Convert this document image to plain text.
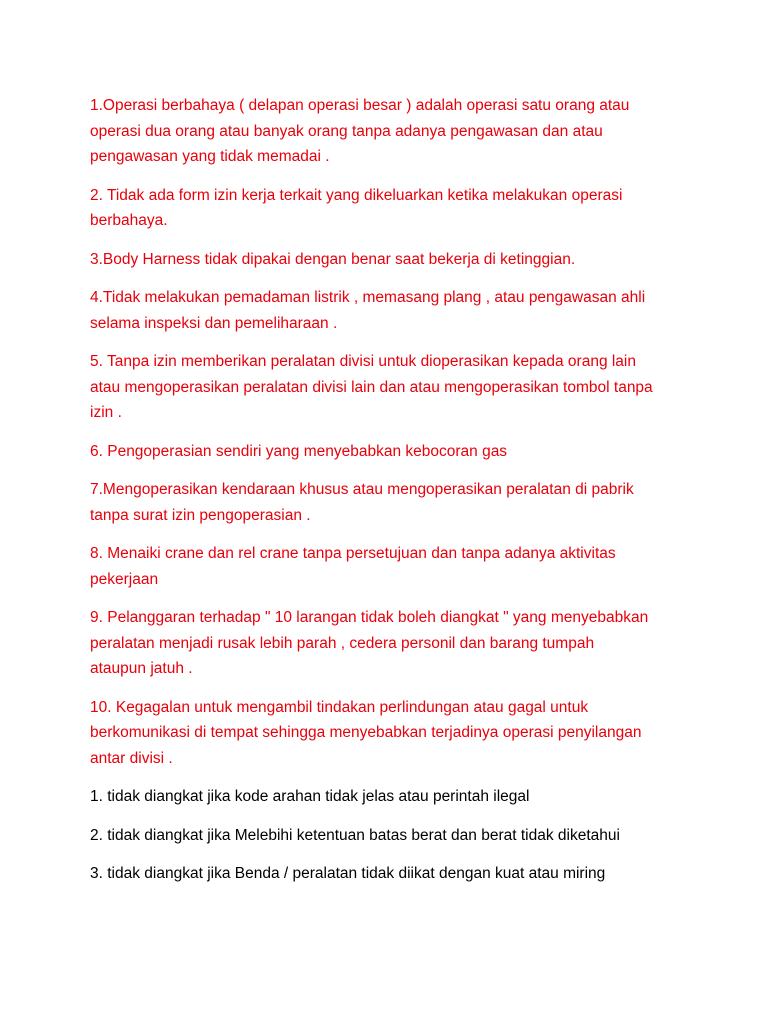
1.Operasi berbahaya ( delapan operasi besar ) adalah operasi satu orang atau
operasi dua orang atau banyak orang tanpa adanya pengawasan dan atau
pengawasan yang tidak memadai .

2. Tidak ada form izin kerja terkait yang dikeluarkan ketika melakukan operasi
berbahaya.

3.Body Harness tidak dipakai dengan benar saat bekerja di ketinggian.

4.Tidak melakukan pemadaman listrik , memasang plang , atau pengawasan ahli
selama inspeksi dan pemeliharaan .

5. Tanpa izin memberikan peralatan divisi untuk dioperasikan kepada orang lain
atau mengoperasikan peralatan divisi lain dan atau mengoperasikan tombol tanpa
izin .

6. Pengoperasian sendiri yang menyebabkan kebocoran gas

7.Mengoperasikan kendaraan khusus atau mengoperasikan peralatan di pabrik
tanpa surat izin pengoperasian .

8. Menaiki crane dan rel crane tanpa persetujuan dan tanpa adanya aktivitas
pekerjaan

9. Pelanggaran terhadap " 10 larangan tidak boleh diangkat " yang menyebabkan
peralatan menjadi rusak lebih parah , cedera personil dan barang tumpah
ataupun jatuh .

10. Kegagalan untuk mengambil tindakan perlindungan atau gagal untuk
berkomunikasi di tempat sehingga menyebabkan terjadinya operasi penyilangan
antar divisi .

1. tidak diangkat jika kode arahan tidak jelas atau perintah ilegal

2. tidak diangkat jika Melebihi ketentuan batas berat dan berat tidak diketahui

3. tidak diangkat jika Benda / peralatan tidak diikat dengan kuat atau miring
